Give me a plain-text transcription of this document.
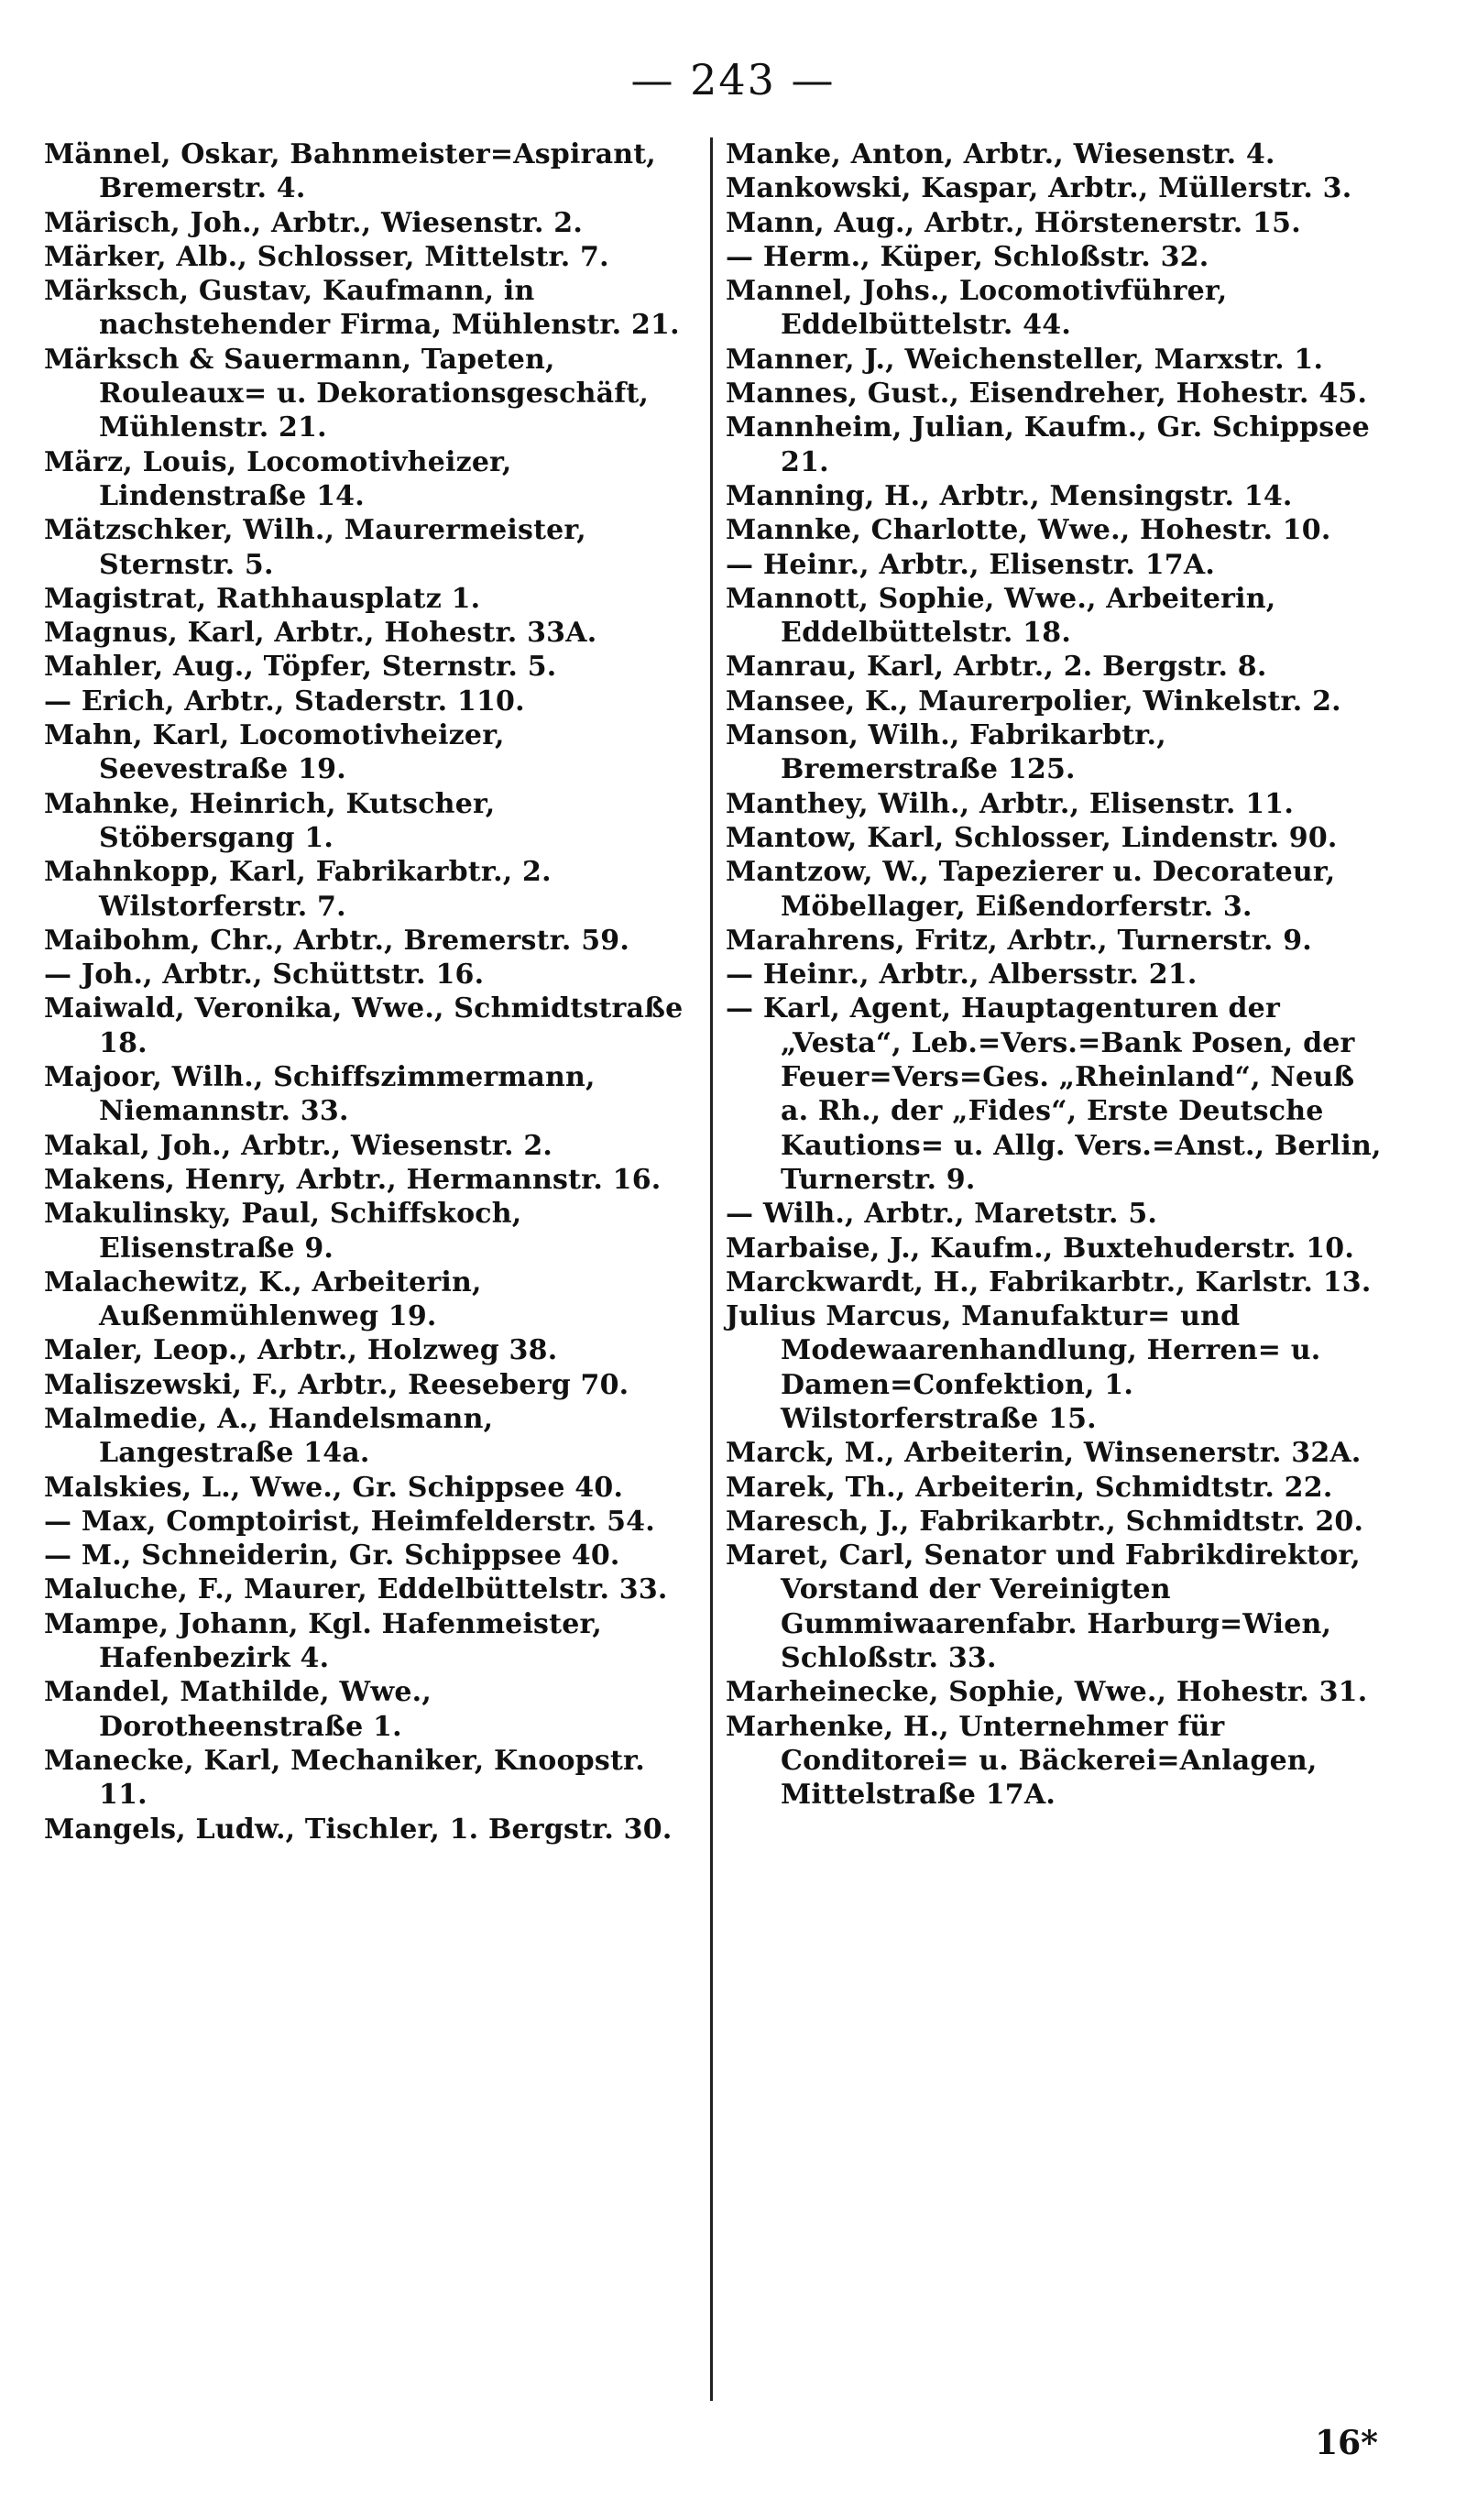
— 243 —
Männel, Oskar, Bahnmeister=Aspirant, Bremerstr. 4.
Märisch, Joh., Arbtr., Wiesenstr. 2.
Märker, Alb., Schlosser, Mittelstr. 7.
Märksch, Gustav, Kaufmann, in nachstehender Firma, Mühlenstr. 21.
Märksch & Sauermann, Tapeten, Rouleaux= u. Dekorationsgeschäft, Mühlenstr. 21.
März, Louis, Locomotivheizer, Lindenstraße 14.
Mätzschker, Wilh., Maurermeister, Sternstr. 5.
Magistrat, Rathhausplatz 1.
Magnus, Karl, Arbtr., Hohestr. 33A.
Mahler, Aug., Töpfer, Sternstr. 5.
— Erich, Arbtr., Staderstr. 110.
Mahn, Karl, Locomotivheizer, Seevestraße 19.
Mahnke, Heinrich, Kutscher, Stöbersgang 1.
Mahnkopp, Karl, Fabrikarbtr., 2. Wilstorferstr. 7.
Maibohm, Chr., Arbtr., Bremerstr. 59.
— Joh., Arbtr., Schüttstr. 16.
Maiwald, Veronika, Wwe., Schmidtstraße 18.
Majoor, Wilh., Schiffszimmermann, Niemannstr. 33.
Makal, Joh., Arbtr., Wiesenstr. 2.
Makens, Henry, Arbtr., Hermannstr. 16.
Makulinsky, Paul, Schiffskoch, Elisenstraße 9.
Malachewitz, K., Arbeiterin, Außenmühlenweg 19.
Maler, Leop., Arbtr., Holzweg 38.
Maliszewski, F., Arbtr., Reeseberg 70.
Malmedie, A., Handelsmann, Langestraße 14a.
Malskies, L., Wwe., Gr. Schippsee 40.
— Max, Comptoirist, Heimfelderstr. 54.
— M., Schneiderin, Gr. Schippsee 40.
Maluche, F., Maurer, Eddelbüttelstr. 33.
Mampe, Johann, Kgl. Hafenmeister, Hafenbezirk 4.
Mandel, Mathilde, Wwe., Dorotheenstraße 1.
Manecke, Karl, Mechaniker, Knoopstr. 11.
Mangels, Ludw., Tischler, 1. Bergstr. 30.
Manke, Anton, Arbtr., Wiesenstr. 4.
Mankowski, Kaspar, Arbtr., Müllerstr. 3.
Mann, Aug., Arbtr., Hörstenerstr. 15.
— Herm., Küper, Schloßstr. 32.
Mannel, Johs., Locomotivführer, Eddelbüttelstr. 44.
Manner, J., Weichensteller, Marxstr. 1.
Mannes, Gust., Eisendreher, Hohestr. 45.
Mannheim, Julian, Kaufm., Gr. Schippsee 21.
Manning, H., Arbtr., Mensingstr. 14.
Mannke, Charlotte, Wwe., Hohestr. 10.
— Heinr., Arbtr., Elisenstr. 17A.
Mannott, Sophie, Wwe., Arbeiterin, Eddelbüttelstr. 18.
Manrau, Karl, Arbtr., 2. Bergstr. 8.
Mansee, K., Maurerpolier, Winkelstr. 2.
Manson, Wilh., Fabrikarbtr., Bremerstraße 125.
Manthey, Wilh., Arbtr., Elisenstr. 11.
Mantow, Karl, Schlosser, Lindenstr. 90.
Mantzow, W., Tapezierer u. Decorateur, Möbellager, Eißendorferstr. 3.
Marahrens, Fritz, Arbtr., Turnerstr. 9.
— Heinr., Arbtr., Albersstr. 21.
— Karl, Agent, Hauptagenturen der „Vesta“, Leb.=Vers.=Bank Posen, der Feuer=Vers=Ges. „Rheinland“, Neuß a. Rh., der „Fides“, Erste Deutsche Kautions= u. Allg. Vers.=Anst., Berlin, Turnerstr. 9.
— Wilh., Arbtr., Maretstr. 5.
Marbaise, J., Kaufm., Buxtehuderstr. 10.
Marckwardt, H., Fabrikarbtr., Karlstr. 13.
Julius Marcus, Manufaktur= und Modewaarenhandlung, Herren= u. Damen=Confektion, 1. Wilstorferstraße 15.
Marck, M., Arbeiterin, Winsenerstr. 32A.
Marek, Th., Arbeiterin, Schmidtstr. 22.
Maresch, J., Fabrikarbtr., Schmidtstr. 20.
Maret, Carl, Senator und Fabrikdirektor, Vorstand der Vereinigten Gummiwaarenfabr. Harburg=Wien, Schloßstr. 33.
Marheinecke, Sophie, Wwe., Hohestr. 31.
Marhenke, H., Unternehmer für Conditorei= u. Bäckerei=Anlagen, Mittelstraße 17A.
16*
